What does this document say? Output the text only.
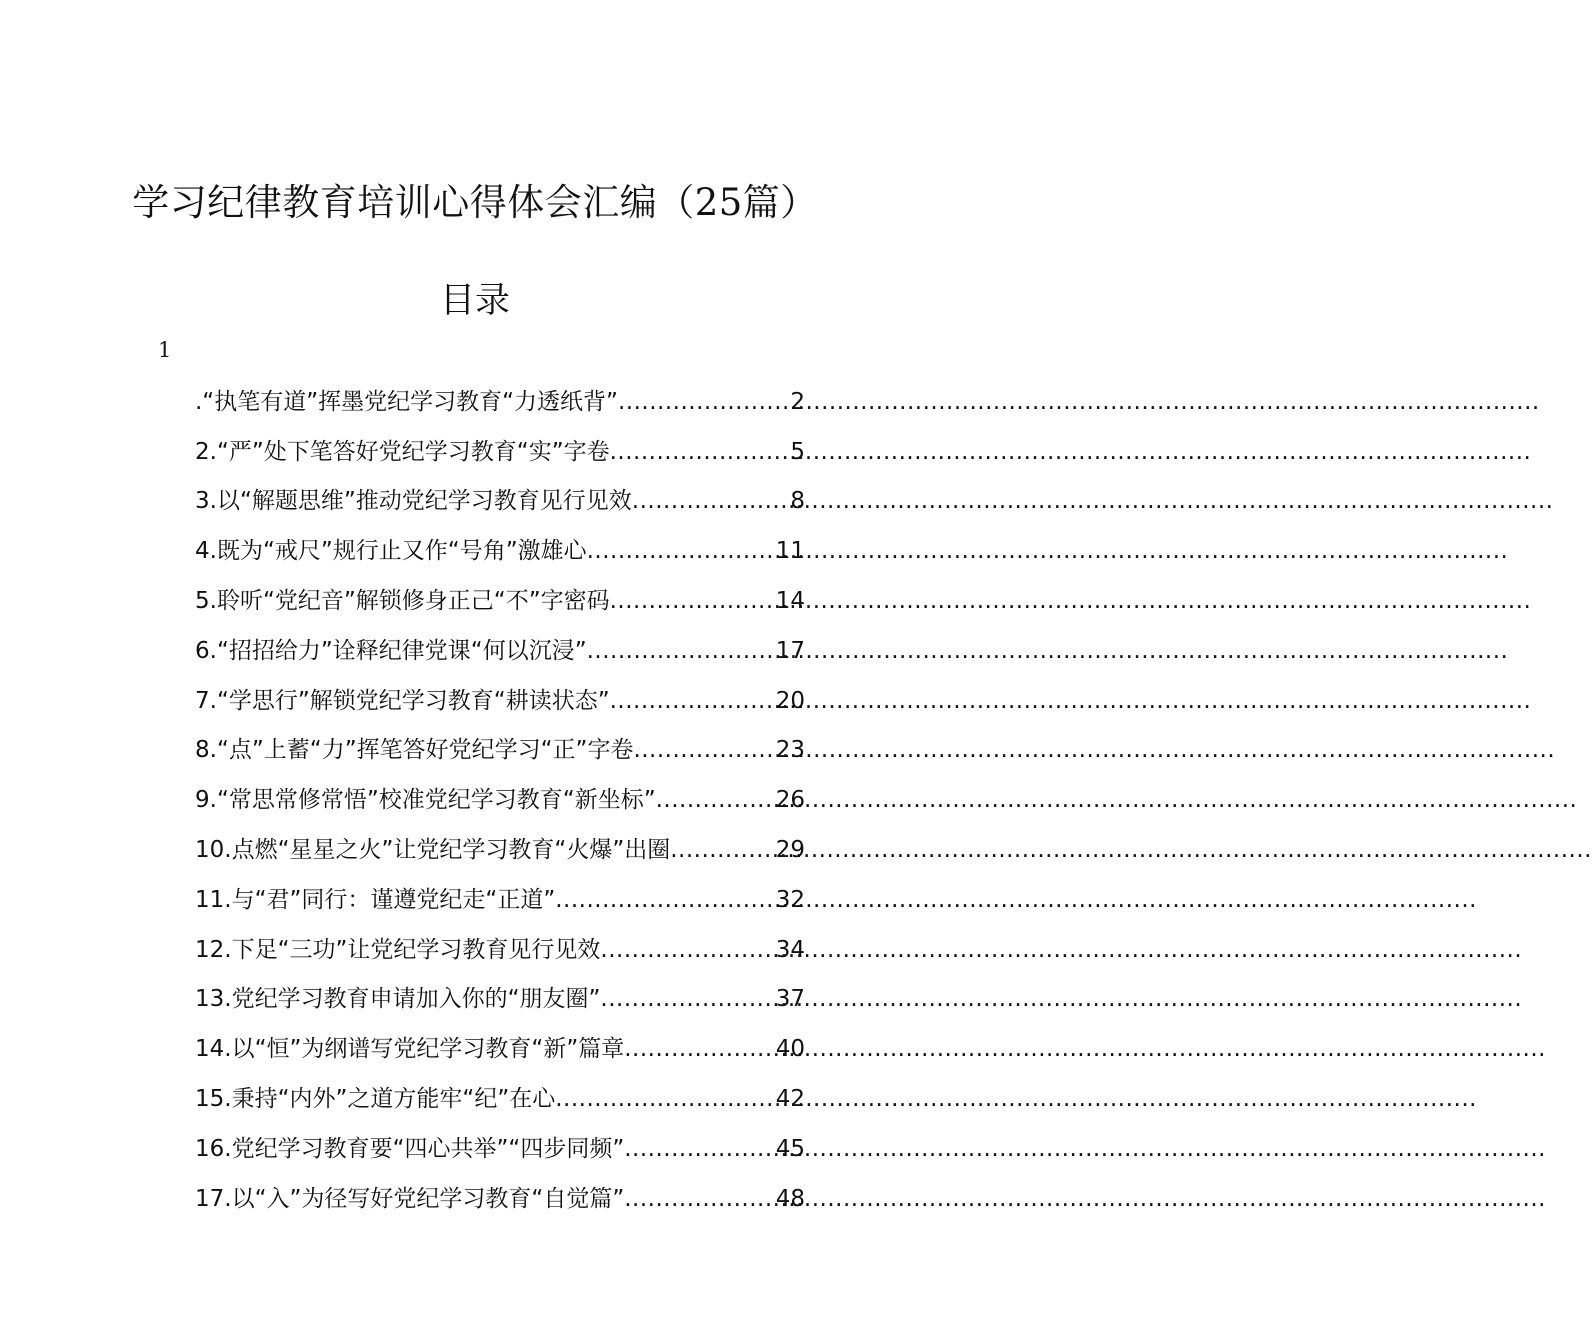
学习纪律教育培训心得体会汇编（25篇）
目录
1
.“执笔有道”挥墨党纪学习教育“力透纸背” .....	2
2.“严”处下笔答好党纪学习教育“实”字卷 .....	5
3.以“解题思维”推动党纪学习教育见行见效 .....	8
4.既为“戒尺”规行止又作“号角”激雄心 .....	11
5.聆听“党纪音”解锁修身正己“不”字密码 .....	14
6.“招招给力”诠释纪律党课“何以沉浸” .....	17
7.“学思行”解锁党纪学习教育“耕读状态” .....	20
8.“点”上蓄“力”挥笔答好党纪学习“正”字卷 .....	23
9.“常思常修常悟”校准党纪学习教育“新坐标” .....	26
10.点燃“星星之火”让党纪学习教育“火爆”出圈 .....	29
11.与“君”同行：谨遵党纪走“正道” .....	32
12.下足“三功”让党纪学习教育见行见效 .....	34
13.党纪学习教育申请加入你的“朋友圈” .....	37
14.以“恒”为纲谱写党纪学习教育“新”篇章 .....	40
15.秉持“内外”之道方能牢“纪”在心 .....	42
16.党纪学习教育要“四心共举”“四步同频” .....	45
17.以“入”为径写好党纪学习教育“自觉篇” .....	48
